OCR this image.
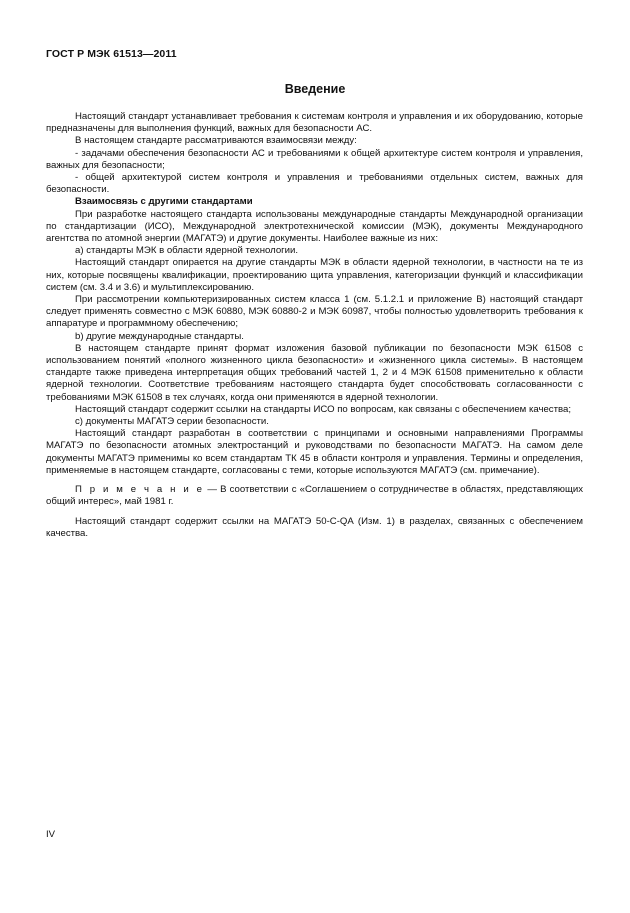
ГОСТ Р МЭК 61513—2011
Введение

Настоящий стандарт устанавливает требования к системам контроля и управления и их оборудованию, которые предназначены для выполнения функций, важных для безопасности АС.

В настоящем стандарте рассматриваются взаимосвязи между:

- задачами обеспечения безопасности АС и требованиями к общей архитектуре систем контроля и управления, важных для безопасности;

- общей архитектурой систем контроля и управления и требованиями отдельных систем, важных для безопасности.

Взаимосвязь с другими стандартами

При разработке настоящего стандарта использованы международные стандарты Международной организации по стандартизации (ИСО), Международной электротехнической комиссии (МЭК), документы Международного агентства по атомной энергии (МАГАТЭ) и другие документы. Наиболее важные из них:

а) стандарты МЭК в области ядерной технологии.

Настоящий стандарт опирается на другие стандарты МЭК в области ядерной технологии, в частности на те из них, которые посвящены квалификации, проектированию щита управления, категоризации функций и классификации систем (см. 3.4 и 3.6) и мультиплексированию.

При рассмотрении компьютеризированных систем класса 1 (см. 5.1.2.1 и приложение В) настоящий стандарт следует применять совместно с МЭК 60880, МЭК 60880-2 и МЭК 60987, чтобы полностью удовлетворить требования к аппаратуре и программному обеспечению;

b) другие международные стандарты.

В настоящем стандарте принят формат изложения базовой публикации по безопасности МЭК 61508 с использованием понятий «полного жизненного цикла безопасности» и «жизненного цикла системы». В настоящем стандарте также приведена интерпретация общих требований частей 1, 2 и 4 МЭК 61508 применительно к области ядерной технологии. Соответствие требованиям настоящего стандарта будет способствовать согласованности с требованиями МЭК 61508 в тех случаях, когда они применяются в ядерной технологии.

Настоящий стандарт содержит ссылки на стандарты ИСО по вопросам, как связаны с обеспечением качества;

с) документы МАГАТЭ серии безопасности.

Настоящий стандарт разработан в соответствии с принципами и основными направлениями Программы МАГАТЭ по безопасности атомных электростанций и руководствами по безопасности МАГАТЭ. На самом деле документы МАГАТЭ применимы ко всем стандартам ТК 45 в области контроля и управления. Термины и определения, применяемые в настоящем стандарте, согласованы с теми, которые используются МАГАТЭ (см. примечание).

П р и м е ч а н и е — В соответствии с «Соглашением о сотрудничестве в областях, представляющих общий интерес», май 1981 г.

Настоящий стандарт содержит ссылки на МАГАТЭ 50-C-QA (Изм. 1) в разделах, связанных с обеспечением качества.

IV
